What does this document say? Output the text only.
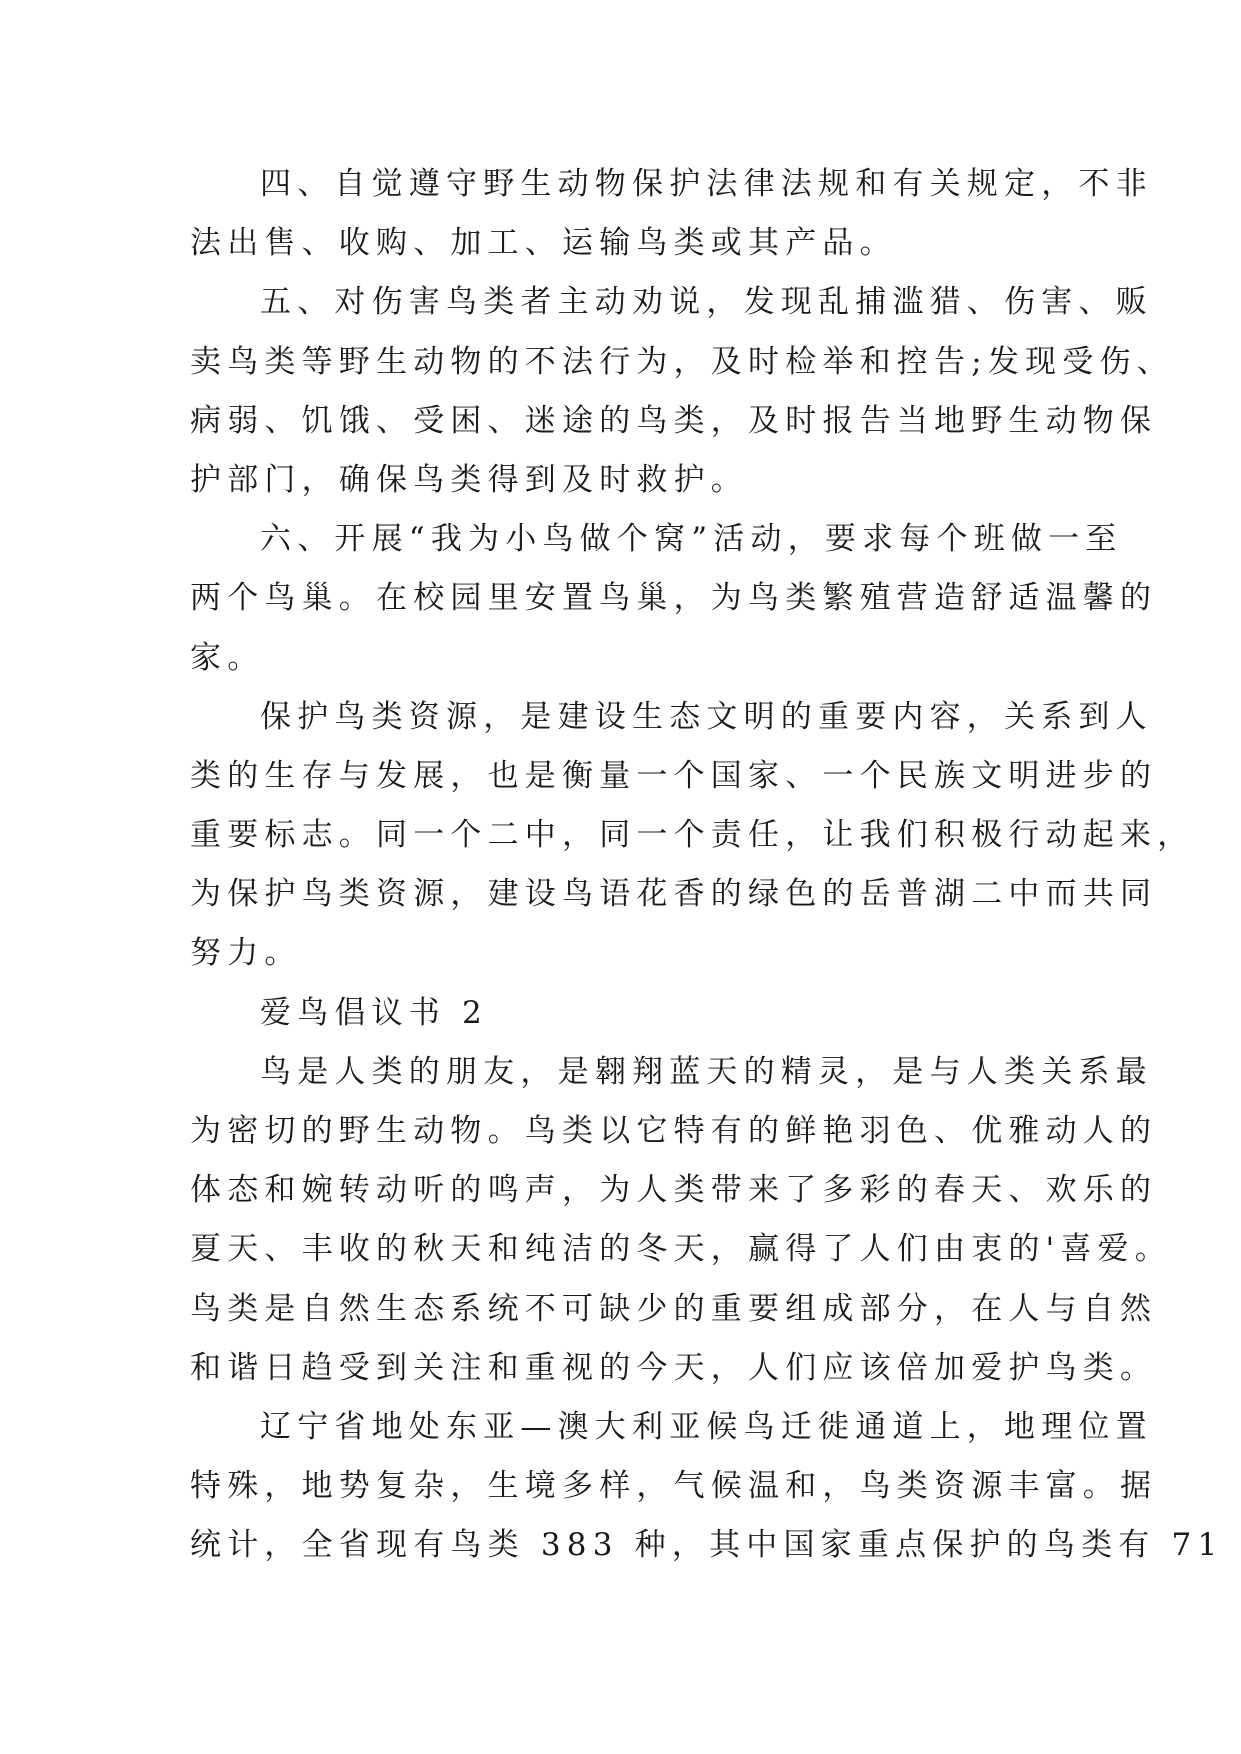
四、自觉遵守野生动物保护法律法规和有关规定，不非
法出售、收购、加工、运输鸟类或其产品。

五、对伤害鸟类者主动劝说，发现乱捕滥猎、伤害、贩
卖鸟类等野生动物的不法行为，及时检举和控告;发现受伤、
病弱、饥饿、受困、迷途的鸟类，及时报告当地野生动物保
护部门，确保鸟类得到及时救护。

六、开展“我为小鸟做个窝”活动，要求每个班做一至
两个鸟巢。在校园里安置鸟巢，为鸟类繁殖营造舒适温馨的
家。

保护鸟类资源，是建设生态文明的重要内容，关系到人
类的生存与发展，也是衡量一个国家、一个民族文明进步的
重要标志。同一个二中，同一个责任，让我们积极行动起来，
为保护鸟类资源，建设鸟语花香的绿色的岳普湖二中而共同
努力。

爱鸟倡议书 2

鸟是人类的朋友，是翱翔蓝天的精灵，是与人类关系最
为密切的野生动物。鸟类以它特有的鲜艳羽色、优雅动人的
体态和婉转动听的鸣声，为人类带来了多彩的春天、欢乐的
夏天、丰收的秋天和纯洁的冬天，赢得了人们由衷的'喜爱。
鸟类是自然生态系统不可缺少的重要组成部分，在人与自然
和谐日趋受到关注和重视的今天，人们应该倍加爱护鸟类。

辽宁省地处东亚—澳大利亚候鸟迁徙通道上，地理位置
特殊，地势复杂，生境多样，气候温和，鸟类资源丰富。据
统计，全省现有鸟类 383 种，其中国家重点保护的鸟类有 71
